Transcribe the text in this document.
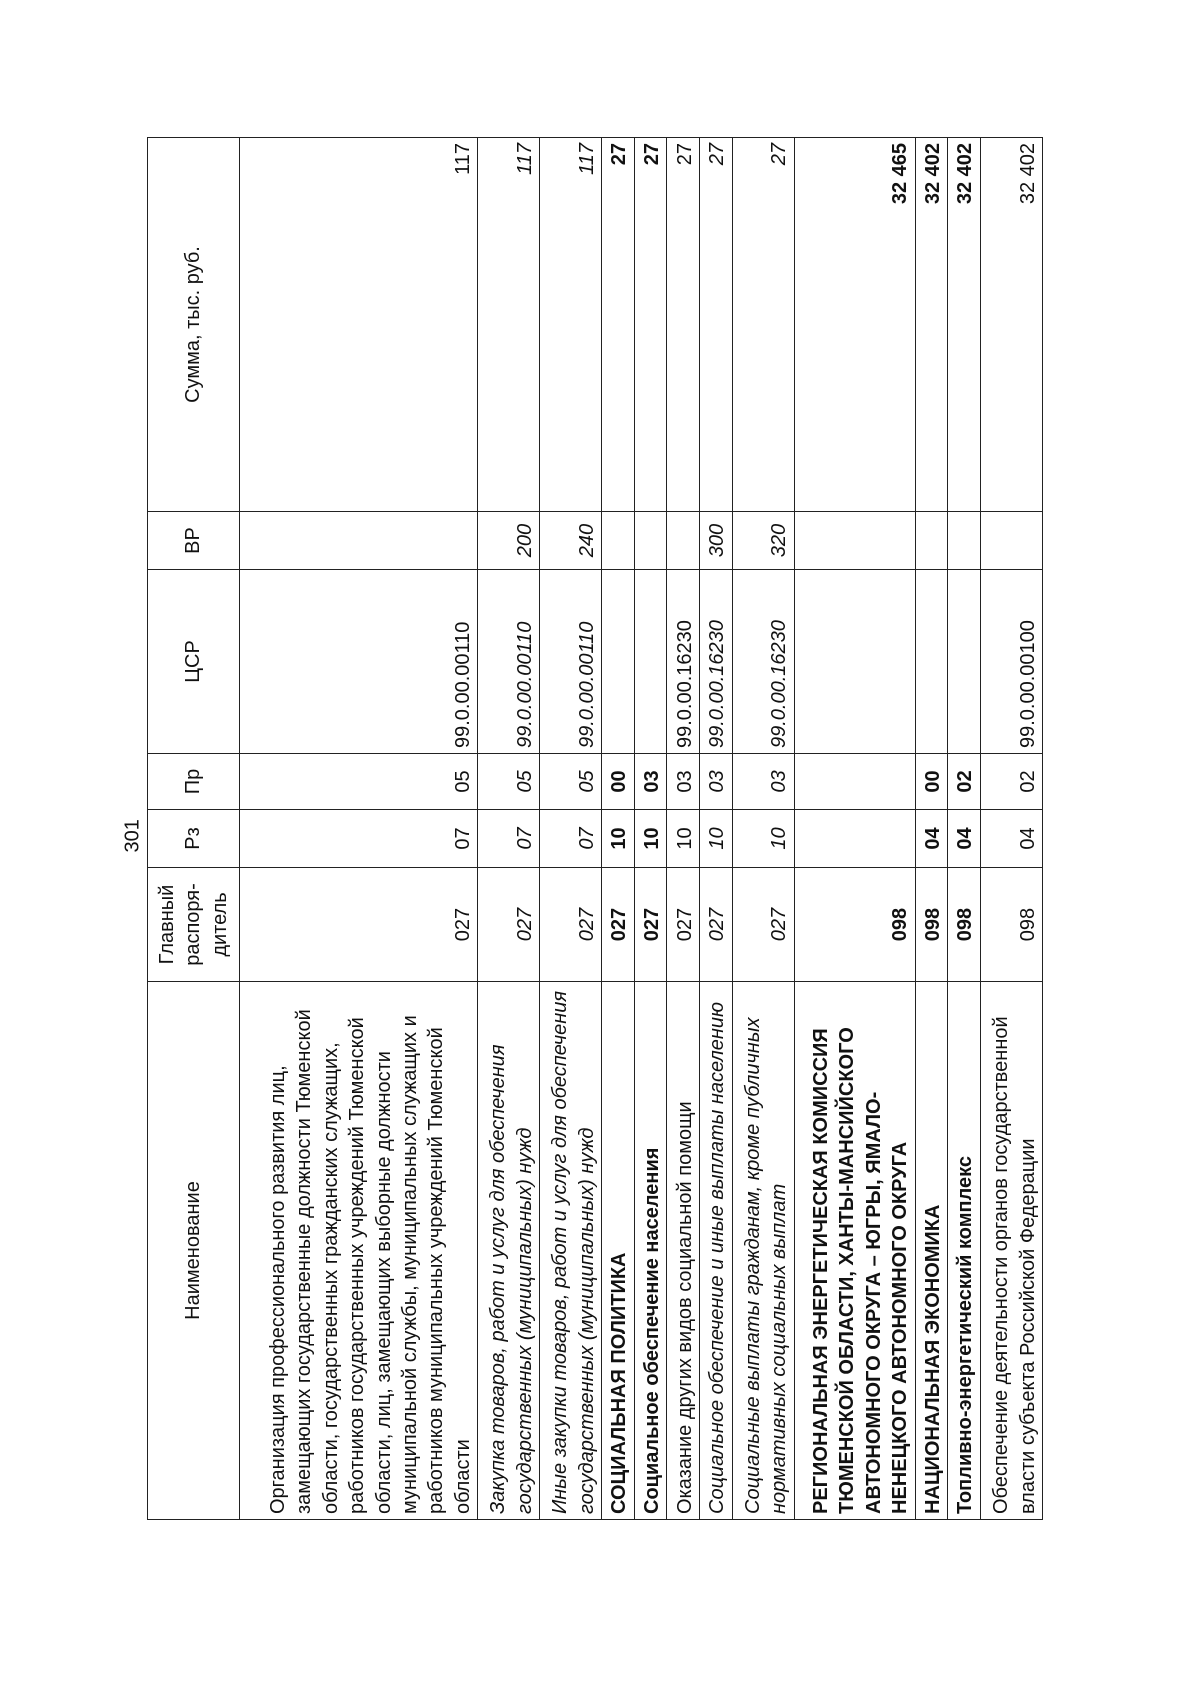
301
Наименование	Главный распоря-дитель	Рз	Пр	ЦСР	ВР	Сумма, тыс. руб.
Организация профессионального развития лиц, замещающих государственные должности Тюменской области, государственных гражданских служащих, работников государственных учреждений Тюменской области, лиц, замещающих выборные должности муниципальной службы, муниципальных служащих и работников муниципальных учреждений Тюменской области	027	07	05	99.0.00.00110		117
Закупка товаров, работ и услуг для обеспечения государственных (муниципальных) нужд	027	07	05	99.0.00.00110	200	117
Иные закупки товаров, работ и услуг для обеспечения государственных (муниципальных) нужд	027	07	05	99.0.00.00110	240	117
СОЦИАЛЬНАЯ ПОЛИТИКА	027	10	00			27
Социальное обеспечение населения	027	10	03			27
Оказание других видов социальной помощи	027	10	03	99.0.00.16230		27
Социальное обеспечение и иные выплаты населению	027	10	03	99.0.00.16230	300	27
Социальные выплаты гражданам, кроме публичных нормативных социальных выплат	027	10	03	99.0.00.16230	320	27
РЕГИОНАЛЬНАЯ ЭНЕРГЕТИЧЕСКАЯ КОМИССИЯ ТЮМЕНСКОЙ ОБЛАСТИ, ХАНТЫ-МАНСИЙСКОГО АВТОНОМНОГО ОКРУГА – ЮГРЫ, ЯМАЛО-НЕНЕЦКОГО АВТОНОМНОГО ОКРУГА	098					32 465
НАЦИОНАЛЬНАЯ ЭКОНОМИКА	098	04	00			32 402
Топливно-энергетический комплекс	098	04	02			32 402
Обеспечение деятельности органов государственной власти субъекта Российской Федерации	098	04	02	99.0.00.00100		32 402
